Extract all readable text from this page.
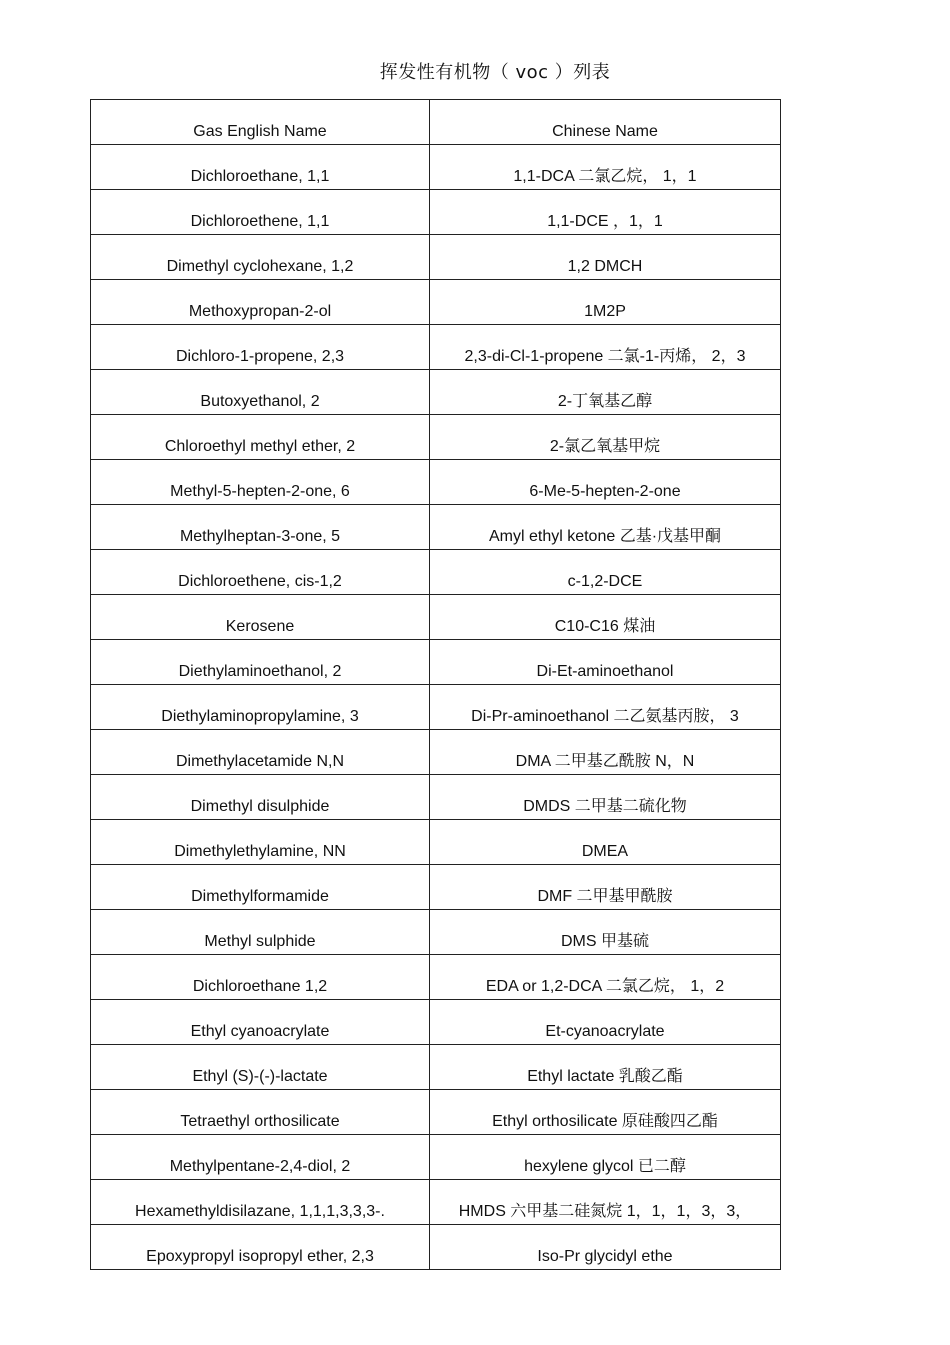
挥发性有机物（ voc ）列表
Gas English Name	Chinese Name
Dichloroethane, 1,1	1,1-DCA 二氯乙烷， 1，1
Dichloroethene, 1,1	1,1-DCE ，1，1
Dimethyl cyclohexane, 1,2	1,2 DMCH
Methoxypropan-2-ol	1M2P
Dichloro-1-propene, 2,3	2,3-di-Cl-1-propene 二氯-1-丙烯， 2，3
Butoxyethanol, 2	2-丁氧基乙醇
Chloroethyl methyl ether, 2	2-氯乙氧基甲烷
Methyl-5-hepten-2-one, 6	6-Me-5-hepten-2-one
Methylheptan-3-one, 5	Amyl ethyl ketone 乙基·戊基甲酮
Dichloroethene, cis-1,2	c-1,2-DCE
Kerosene	C10-C16 煤油
Diethylaminoethanol, 2	Di-Et-aminoethanol
Diethylaminopropylamine, 3	Di-Pr-aminoethanol 二乙氨基丙胺， 3
Dimethylacetamide N,N	DMA 二甲基乙酰胺 N，N
Dimethyl disulphide	DMDS 二甲基二硫化物
Dimethylethylamine, NN	DMEA
Dimethylformamide	DMF 二甲基甲酰胺
Methyl sulphide	DMS 甲基硫
Dichloroethane 1,2	EDA or 1,2-DCA 二氯乙烷， 1，2
Ethyl cyanoacrylate	Et-cyanoacrylate
Ethyl (S)-(-)-lactate	Ethyl lactate 乳酸乙酯
Tetraethyl orthosilicate	Ethyl orthosilicate 原硅酸四乙酯
Methylpentane-2,4-diol, 2	hexylene glycol 已二醇
Hexamethyldisilazane, 1,1,1,3,3,3-.	HMDS 六甲基二硅氮烷 1，1，1，3，3，
Epoxypropyl isopropyl ether, 2,3	Iso-Pr glycidyl ethe
